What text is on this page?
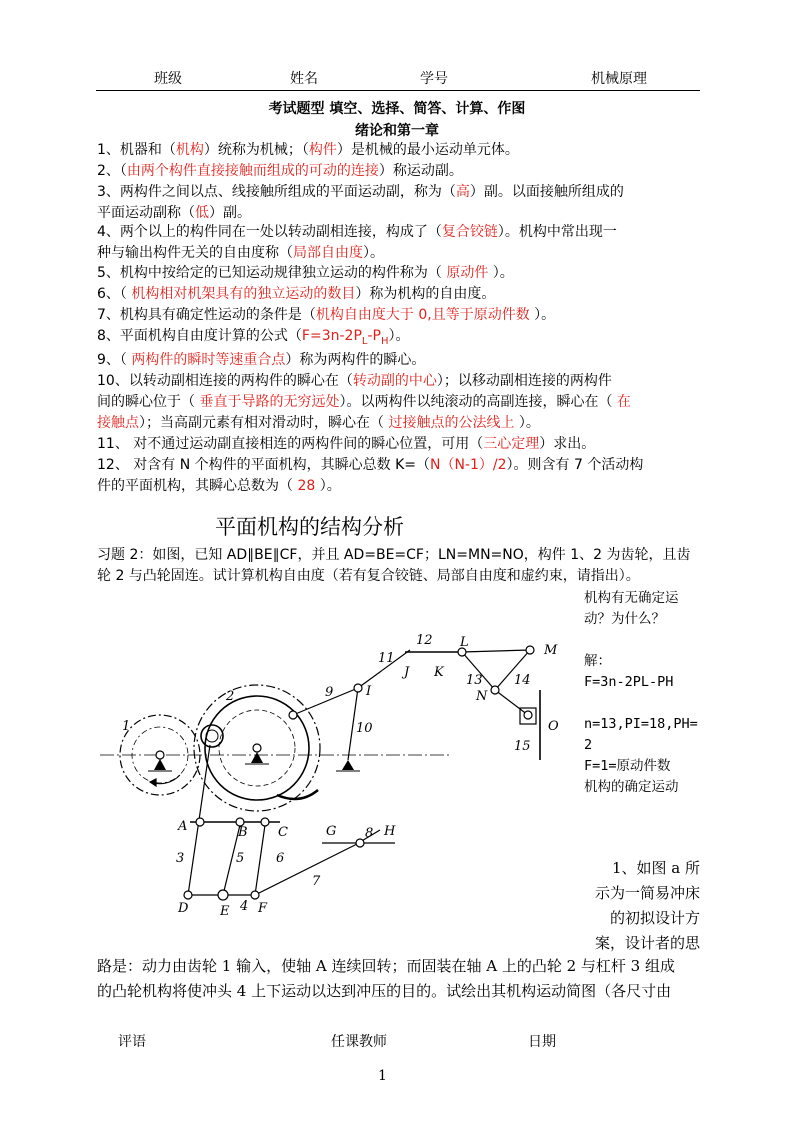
班级	姓名	学号	机械原理
考试题型 填空、选择、简答、计算、作图
绪论和第一章
1、机器和（机构）统称为机械；（构件）是机械的最小运动单元体。
2、（由两个构件直接接触而组成的可动的连接）称运动副。
3、两构件之间以点、线接触所组成的平面运动副，称为（高）副。以面接触所组成的
平面运动副称（低）副。
4、两个以上的构件同在一处以转动副相连接，构成了（复合铰链）。机构中常出现一
种与输出构件无关的自由度称（局部自由度）。
5、机构中按给定的已知运动规律独立运动的构件称为（ 原动件 ）。
6、（ 机构相对机架具有的独立运动的数目）称为机构的自由度。
7、机构具有确定性运动的条件是（机构自由度大于 0,且等于原动件数 ）。
8、平面机构自由度计算的公式$(F=3n-2P_L-P_H)$。
9、（ 两构件的瞬时等速重合点）称为两构件的瞬心。
10、以转动副相连接的两构件的瞬心在（转动副的中心）；以移动副相连接的两构件
间的瞬心位于（ 垂直于导路的无穷远处）。以两构件以纯滚动的高副连接，瞬心在（ 在
接触点）；当高副元素有相对滑动时，瞬心在（ 过接触点的公法线上 ）。
11、 对不通过运动副直接相连的两构件间的瞬心位置，可用（三心定理）求出。
12、 对含有 N 个构件的平面机构，其瞬心总数 K=（N（N-1）/2）。则含有 7 个活动构
件的平面机构，其瞬心总数为（ 28 ）。
平面机构的结构分析
习题 2：如图，已知 AD∥BE∥CF，并且 AD=BE=CF；LN=MN=NO，构件 1、2 为齿轮，且齿
轮 2 与凸轮固连。试计算机构自由度（若有复合铰链、局部自由度和虚约束，请指出）。
机构有无确定运
动？为什么？
解：
F=3n-2PL-PH
n=13,PI=18,PH=
2
F=1=原动件数
机构的确定运动
1、如图 a 所
示为一简易冲床
的初拟设计方
案，设计者的思
路是：动力由齿轮 1 输入，使轴 A 连续回转；而固装在轴 A 上的凸轮 2 与杠杆 3 组成
的凸轮机构将使冲头 4 上下运动以达到冲压的目的。试绘出其机构运动简图（各尺寸由
1
2
3
4
5 6
7
8
9
10
11
12
13 14
15
A	B C
D E F
G	H
I
J K
L
M
N
O
评语	任课教师	日期
1
